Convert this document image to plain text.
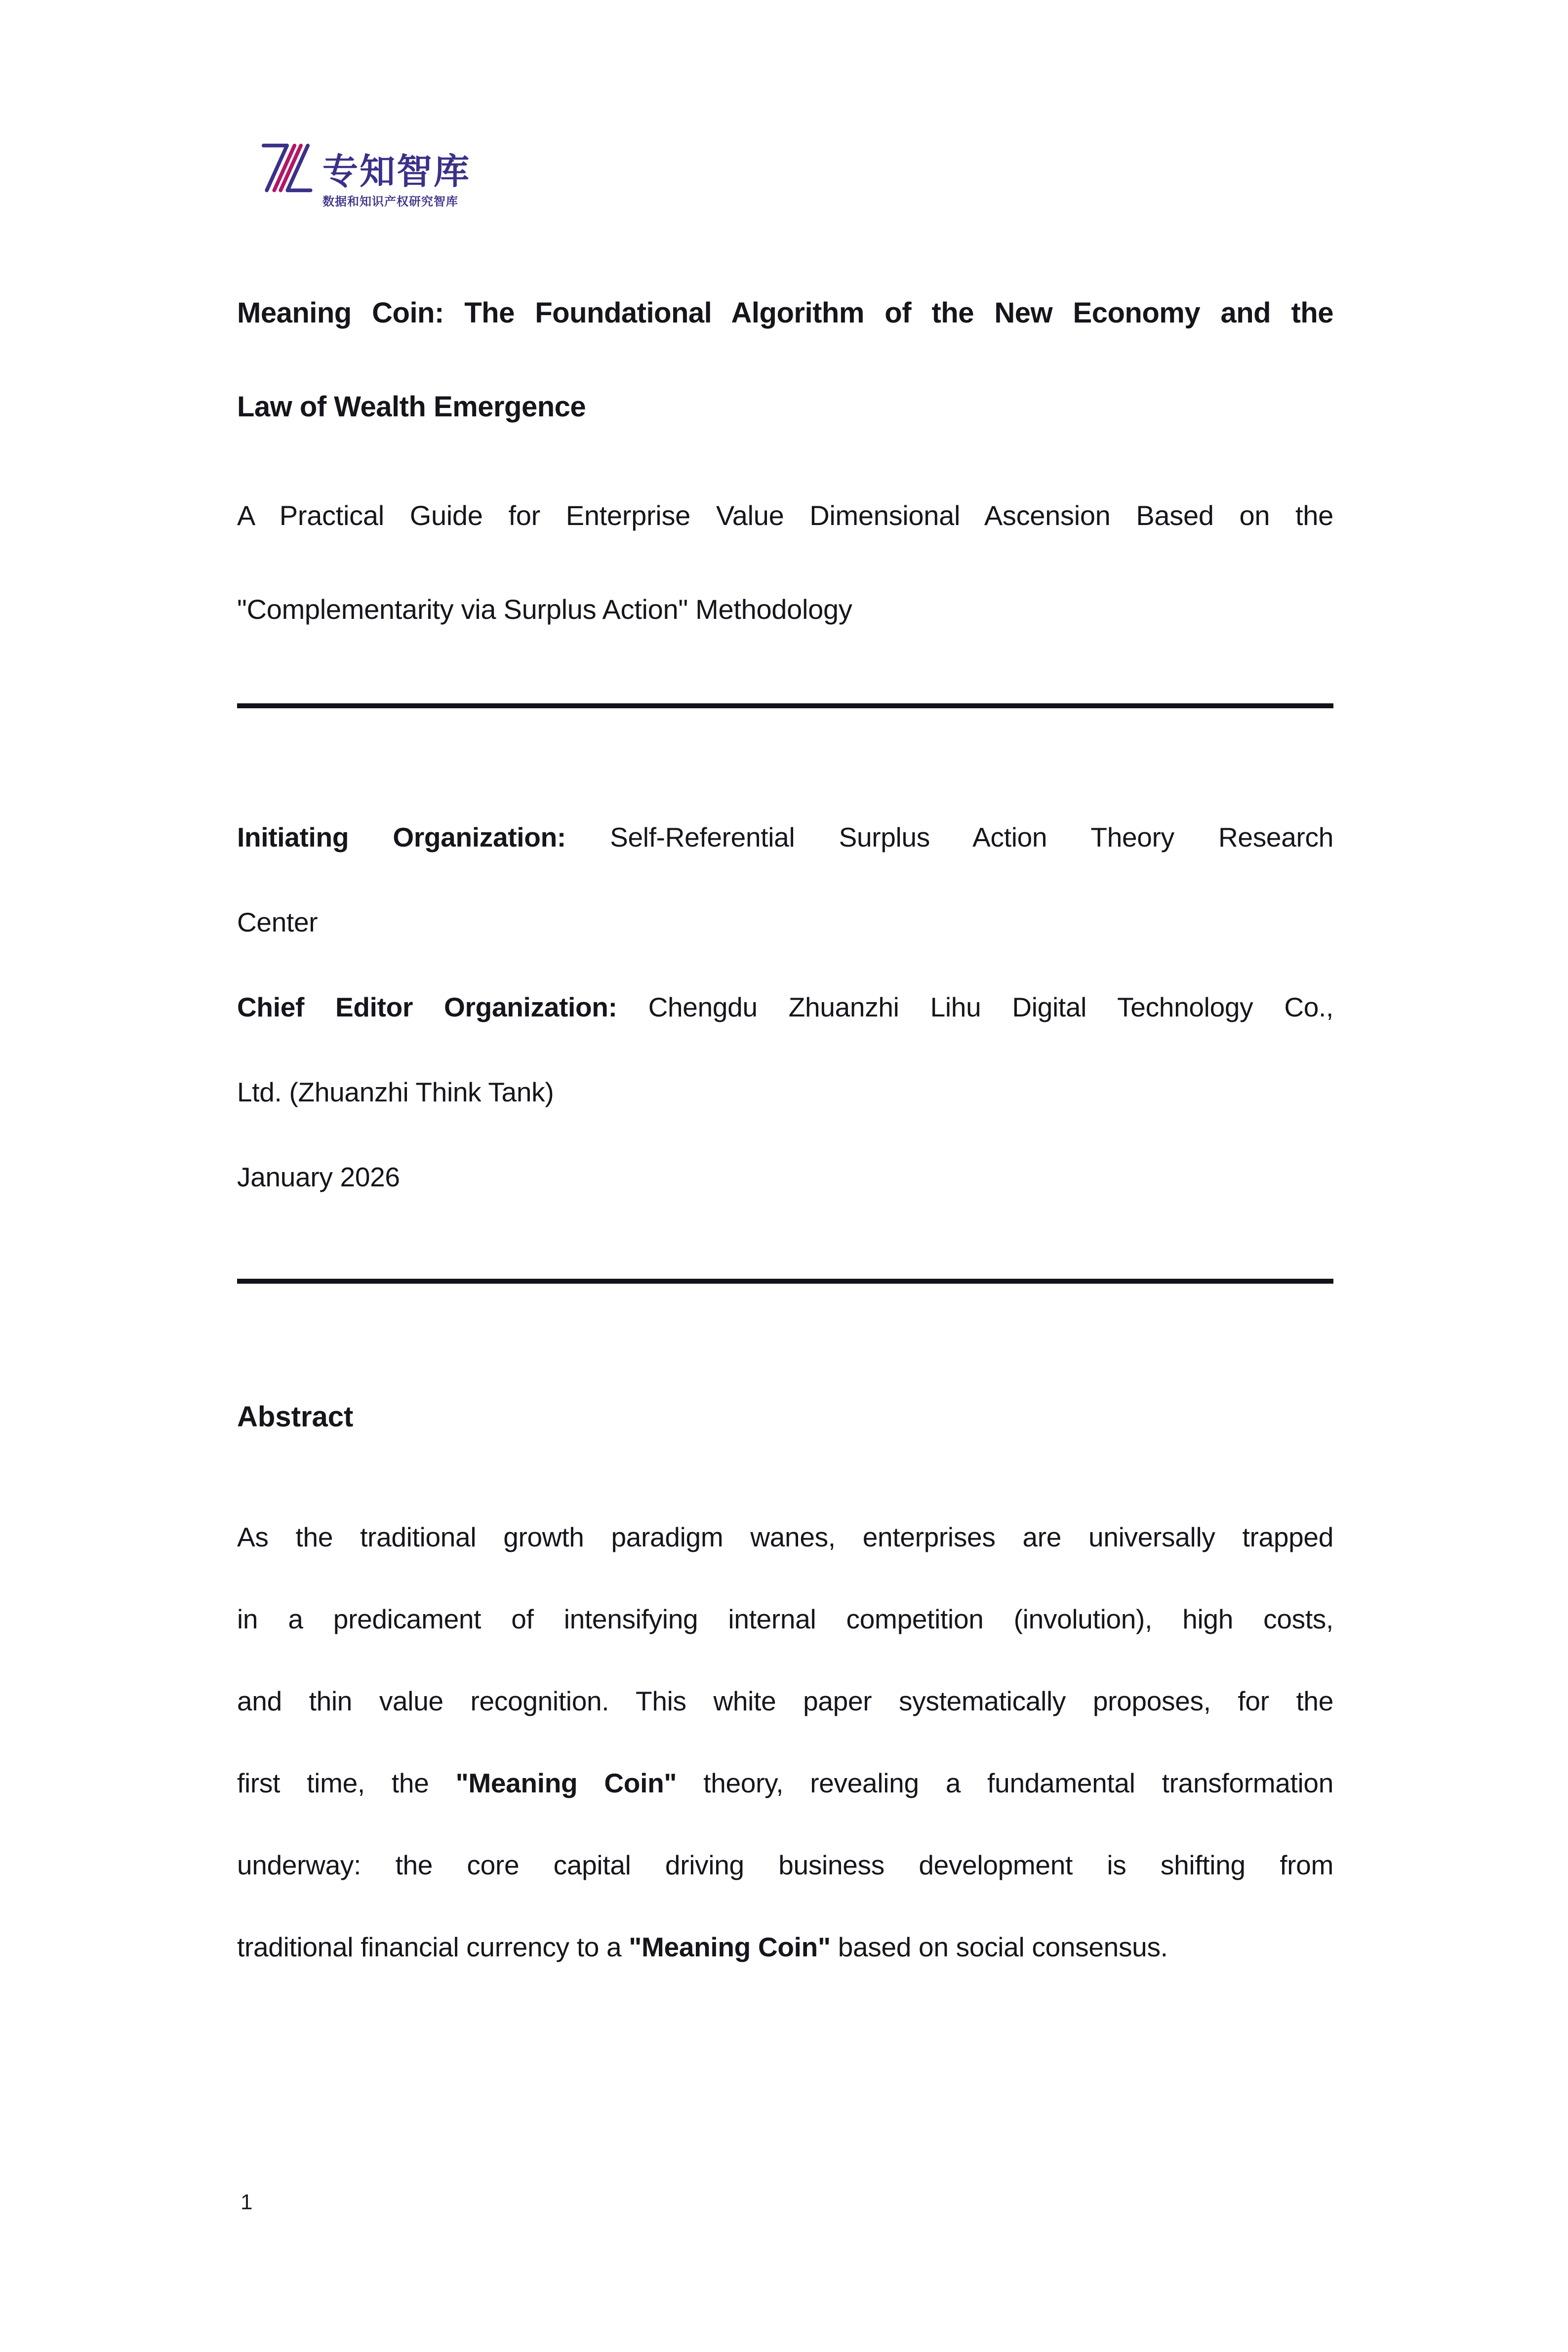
专知智库
数据和知识产权研究智库
Meaning Coin: The Foundational Algorithm of the New Economy and the
Law of Wealth Emergence
A Practical Guide for Enterprise Value Dimensional Ascension Based on the
"Complementarity via Surplus Action" Methodology
Initiating Organization: Self-Referential Surplus Action Theory Research
Center
Chief Editor Organization: Chengdu Zhuanzhi Lihu Digital Technology Co.,
Ltd. (Zhuanzhi Think Tank)
January 2026
Abstract
As the traditional growth paradigm wanes, enterprises are universally trapped
in a predicament of intensifying internal competition (involution), high costs,
and thin value recognition. This white paper systematically proposes, for the
first time, the "Meaning Coin" theory, revealing a fundamental transformation
underway: the core capital driving business development is shifting from
traditional financial currency to a "Meaning Coin" based on social consensus.
1
